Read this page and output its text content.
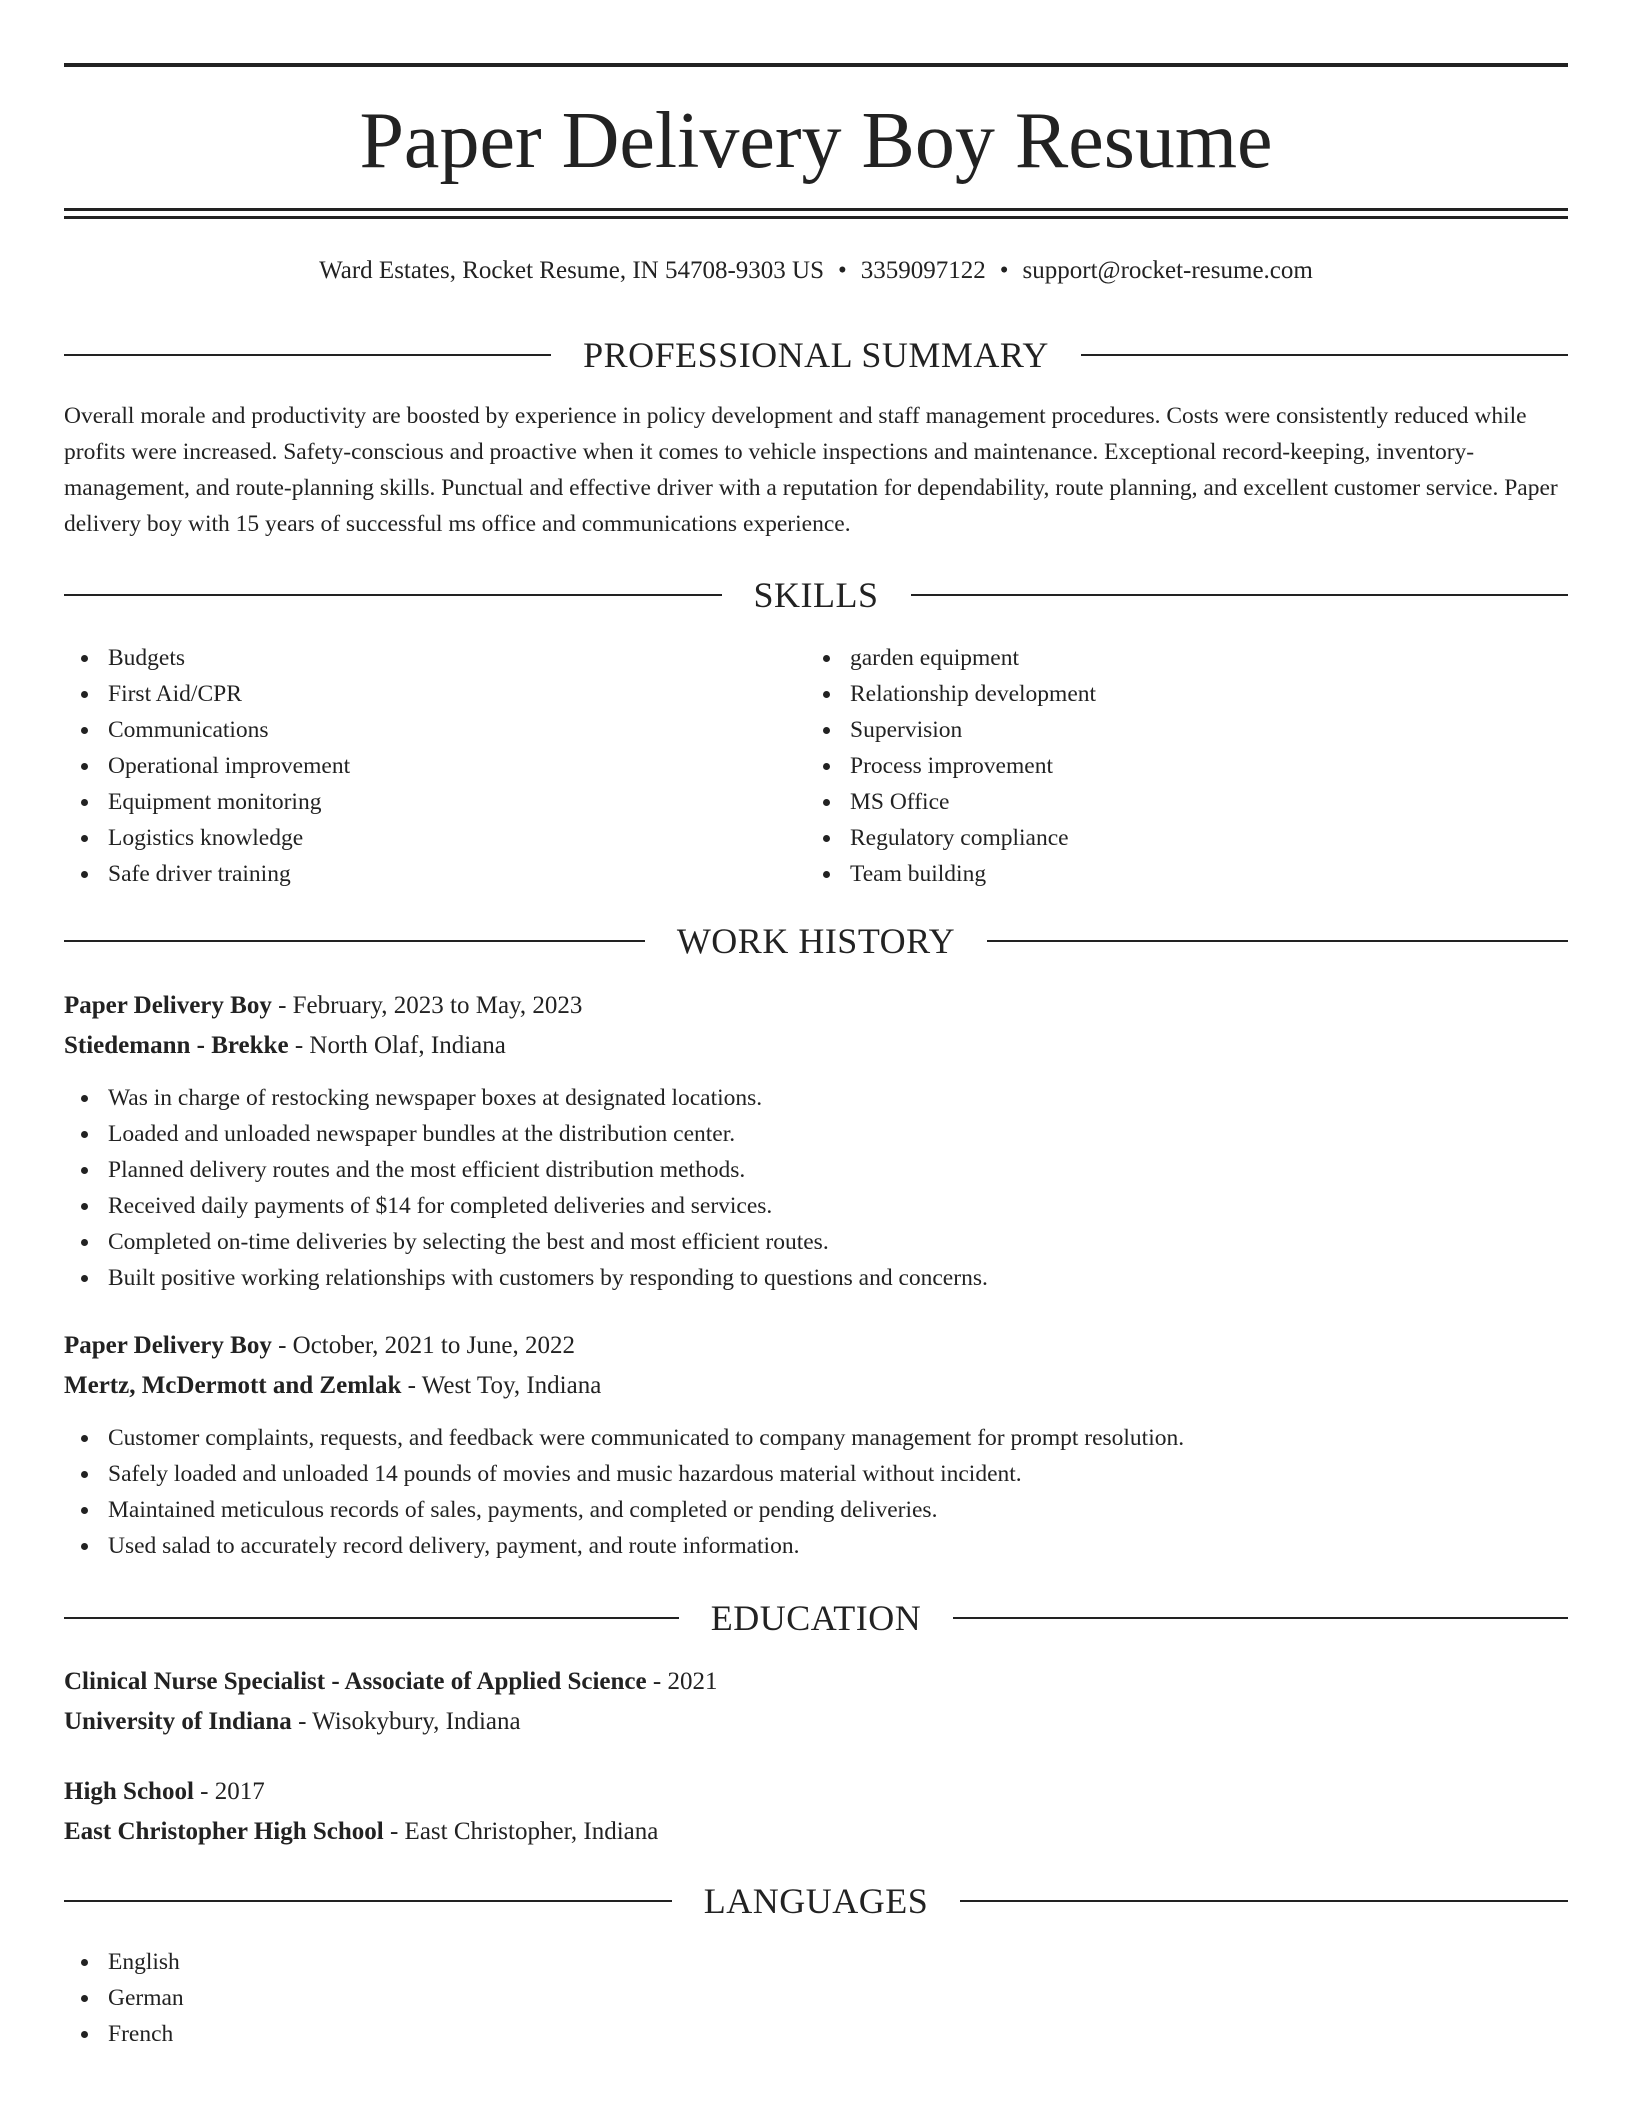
Paper Delivery Boy Resume
Ward Estates, Rocket Resume, IN 54708-9303 US • 3359097122 • support@rocket-resume.com
PROFESSIONAL SUMMARY

Overall morale and productivity are boosted by experience in policy development and staff management procedures. Costs were consistently reduced while profits were increased. Safety-conscious and proactive when it comes to vehicle inspections and maintenance. Exceptional record-keeping, inventory-management, and route-planning skills. Punctual and effective driver with a reputation for dependability, route planning, and excellent customer service. Paper delivery boy with 15 years of successful ms office and communications experience.

SKILLS
Budgets
First Aid/CPR
Communications
Operational improvement
Equipment monitoring
Logistics knowledge
Safe driver training
garden equipment
Relationship development
Supervision
Process improvement
MS Office
Regulatory compliance
Team building
WORK HISTORY
Paper Delivery Boy - February, 2023 to May, 2023
Stiedemann - Brekke - North Olaf, Indiana
Was in charge of restocking newspaper boxes at designated locations.
Loaded and unloaded newspaper bundles at the distribution center.
Planned delivery routes and the most efficient distribution methods.
Received daily payments of $14 for completed deliveries and services.
Completed on-time deliveries by selecting the best and most efficient routes.
Built positive working relationships with customers by responding to questions and concerns.
Paper Delivery Boy - October, 2021 to June, 2022
Mertz, McDermott and Zemlak - West Toy, Indiana
Customer complaints, requests, and feedback were communicated to company management for prompt resolution.
Safely loaded and unloaded 14 pounds of movies and music hazardous material without incident.
Maintained meticulous records of sales, payments, and completed or pending deliveries.
Used salad to accurately record delivery, payment, and route information.
EDUCATION
Clinical Nurse Specialist - Associate of Applied Science - 2021
University of Indiana - Wisokybury, Indiana
High School - 2017
East Christopher High School - East Christopher, Indiana
LANGUAGES
English
German
French
